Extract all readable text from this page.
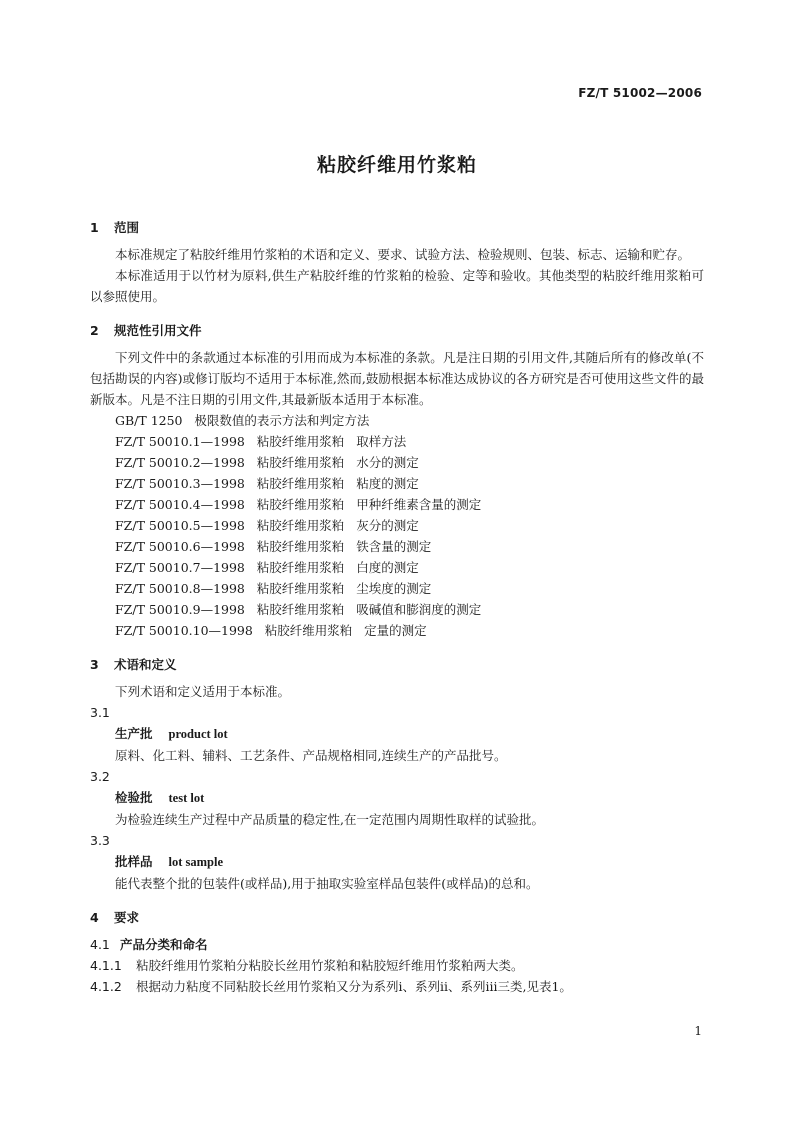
FZ/T 51002—2006
粘胶纤维用竹浆粕
1 范围
本标准规定了粘胶纤维用竹浆粕的术语和定义、要求、试验方法、检验规则、包装、标志、运输和贮存。
本标准适用于以竹材为原料,供生产粘胶纤维的竹浆粕的检验、定等和验收。其他类型的粘胶纤维用浆粕可以参照使用。
2 规范性引用文件
下列文件中的条款通过本标准的引用而成为本标准的条款。凡是注日期的引用文件,其随后所有的修改单(不包括勘误的内容)或修订版均不适用于本标准,然而,鼓励根据本标准达成协议的各方研究是否可使用这些文件的最新版本。凡是不注日期的引用文件,其最新版本适用于本标准。
GB/T 1250   极限数值的表示方法和判定方法
FZ/T 50010.1—1998   粘胶纤维用浆粕   取样方法
FZ/T 50010.2—1998   粘胶纤维用浆粕   水分的测定
FZ/T 50010.3—1998   粘胶纤维用浆粕   粘度的测定
FZ/T 50010.4—1998   粘胶纤维用浆粕   甲种纤维素含量的测定
FZ/T 50010.5—1998   粘胶纤维用浆粕   灰分的测定
FZ/T 50010.6—1998   粘胶纤维用浆粕   铁含量的测定
FZ/T 50010.7—1998   粘胶纤维用浆粕   白度的测定
FZ/T 50010.8—1998   粘胶纤维用浆粕   尘埃度的测定
FZ/T 50010.9—1998   粘胶纤维用浆粕   吸碱值和膨润度的测定
FZ/T 50010.10—1998   粘胶纤维用浆粕   定量的测定
3 术语和定义
下列术语和定义适用于本标准。
3.1
生产批 product lot
原料、化工料、辅料、工艺条件、产品规格相同,连续生产的产品批号。
3.2
检验批 test lot
为检验连续生产过程中产品质量的稳定性,在一定范围内周期性取样的试验批。
3.3
批样品 lot sample
能代表整个批的包装件(或样品),用于抽取实验室样品包装件(或样品)的总和。
4 要求
4.1 产品分类和命名
4.1.1 粘胶纤维用竹浆粕分粘胶长丝用竹浆粕和粘胶短纤维用竹浆粕两大类。
4.1.2 根据动力粘度不同粘胶长丝用竹浆粕又分为系列ⅰ、系列ⅱ、系列ⅲ三类,见表1。
1
